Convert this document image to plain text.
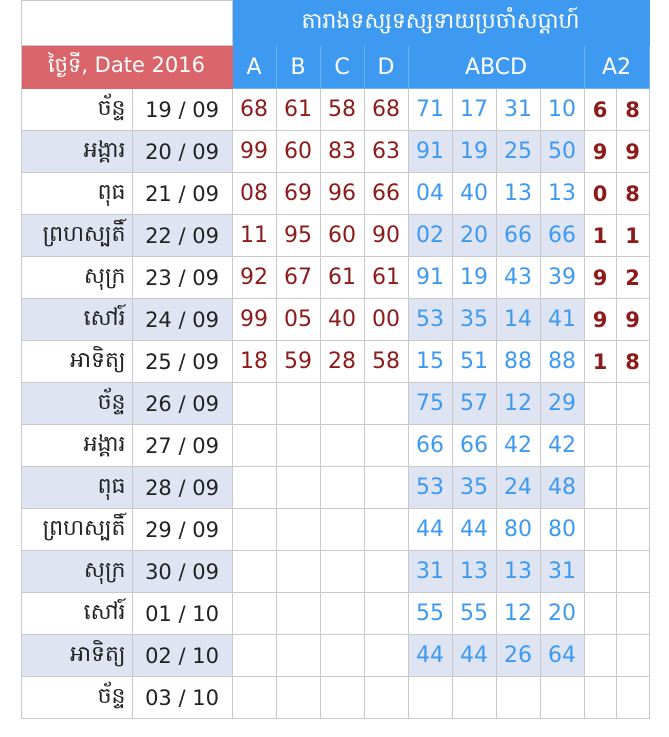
			តារាងទស្សទស្សទាយប្រចាំសប្តាហ៍									
	ថ្ងៃទី, Date 2016		A	B	C	D	ABCD				A2	
	ច័ន្ទ	19 / 09	68	61	58	68	71	17	31	10	6	8
	អង្គារ	20 / 09	99	60	83	63	91	19	25	50	9	9
	ពុធ	21 / 09	08	69	96	66	04	40	13	13	0	8
	ព្រហស្បតិ៍	22 / 09	11	95	60	90	02	20	66	66	1	1
	សុក្រ	23 / 09	92	67	61	61	91	19	43	39	9	2
	សៅរ៍	24 / 09	99	05	40	00	53	35	14	41	9	9
	អាទិត្យ	25 / 09	18	59	28	58	15	51	88	88	1	8
	ច័ន្ទ	26 / 09					75	57	12	29		
	អង្គារ	27 / 09					66	66	42	42		
	ពុធ	28 / 09					53	35	24	48		
	ព្រហស្បតិ៍	29 / 09					44	44	80	80		
	សុក្រ	30 / 09					31	13	13	31		
	សៅរ៍	01 / 10					55	55	12	20		
	អាទិត្យ	02 / 10					44	44	26	64		
	ច័ន្ទ	03 / 10										
